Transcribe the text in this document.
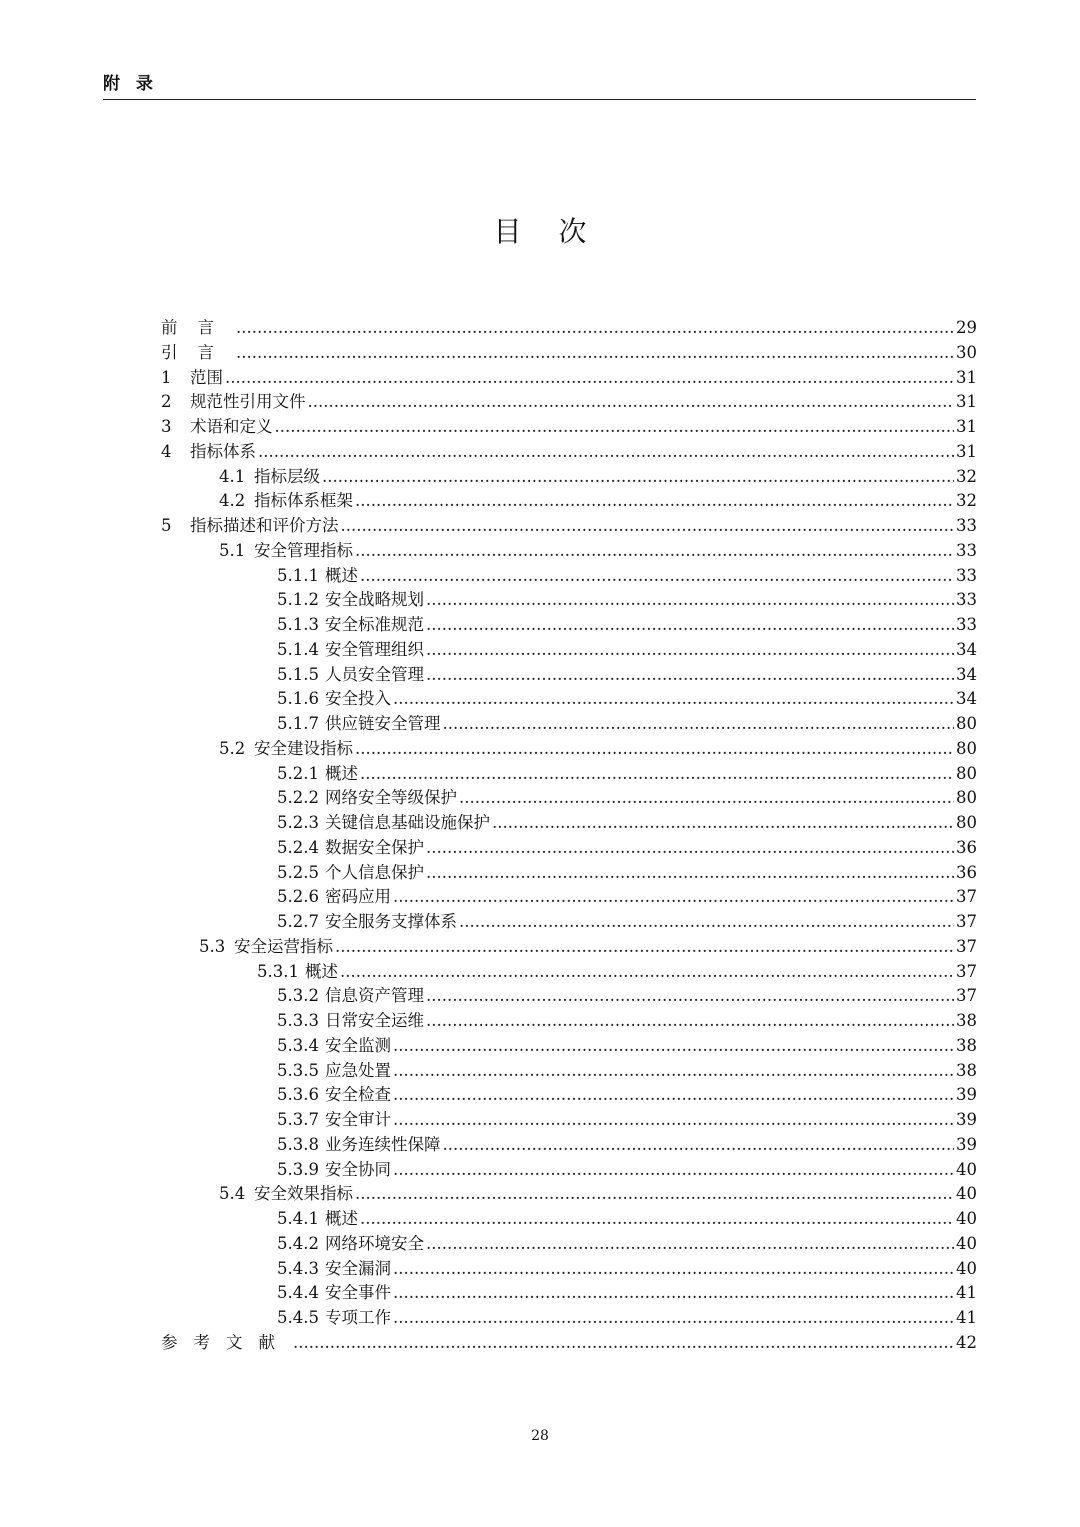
附 录
目 次
前言 .....	29
引言 .....	30
1	范围 .....	31
2	规范性引用文件 .....	31
3	术语和定义 .....	31
4	指标体系 .....	31
4.1 指标层级 .....	32
4.2 指标体系框架 .....	32
5	指标描述和评价方法 .....	33
5.1 安全管理指标 .....	33
5.1.1 概述 .....	33
5.1.2 安全战略规划 .....	33
5.1.3 安全标准规范 .....	33
5.1.4 安全管理组织 .....	34
5.1.5 人员安全管理 .....	34
5.1.6 安全投入 .....	34
5.1.7 供应链安全管理 .....	80
5.2 安全建设指标 .....	80
5.2.1 概述 .....	80
5.2.2 网络安全等级保护 .....	80
5.2.3 关键信息基础设施保护 .....	80
5.2.4 数据安全保护 .....	36
5.2.5 个人信息保护 .....	36
5.2.6 密码应用 .....	37
5.2.7 安全服务支撑体系 .....	37
5.3 安全运营指标 .....	37
5.3.1 概述 .....	37
5.3.2 信息资产管理 .....	37
5.3.3 日常安全运维 .....	38
5.3.4 安全监测 .....	38
5.3.5 应急处置 .....	38
5.3.6 安全检查 .....	39
5.3.7 安全审计 .....	39
5.3.8 业务连续性保障 .....	39
5.3.9 安全协同 .....	40
5.4 安全效果指标 .....	40
5.4.1 概述 .....	40
5.4.2 网络环境安全 .....	40
5.4.3 安全漏洞 .....	40
5.4.4 安全事件 .....	41
5.4.5 专项工作 .....	41
参考文献 .....	42
28
